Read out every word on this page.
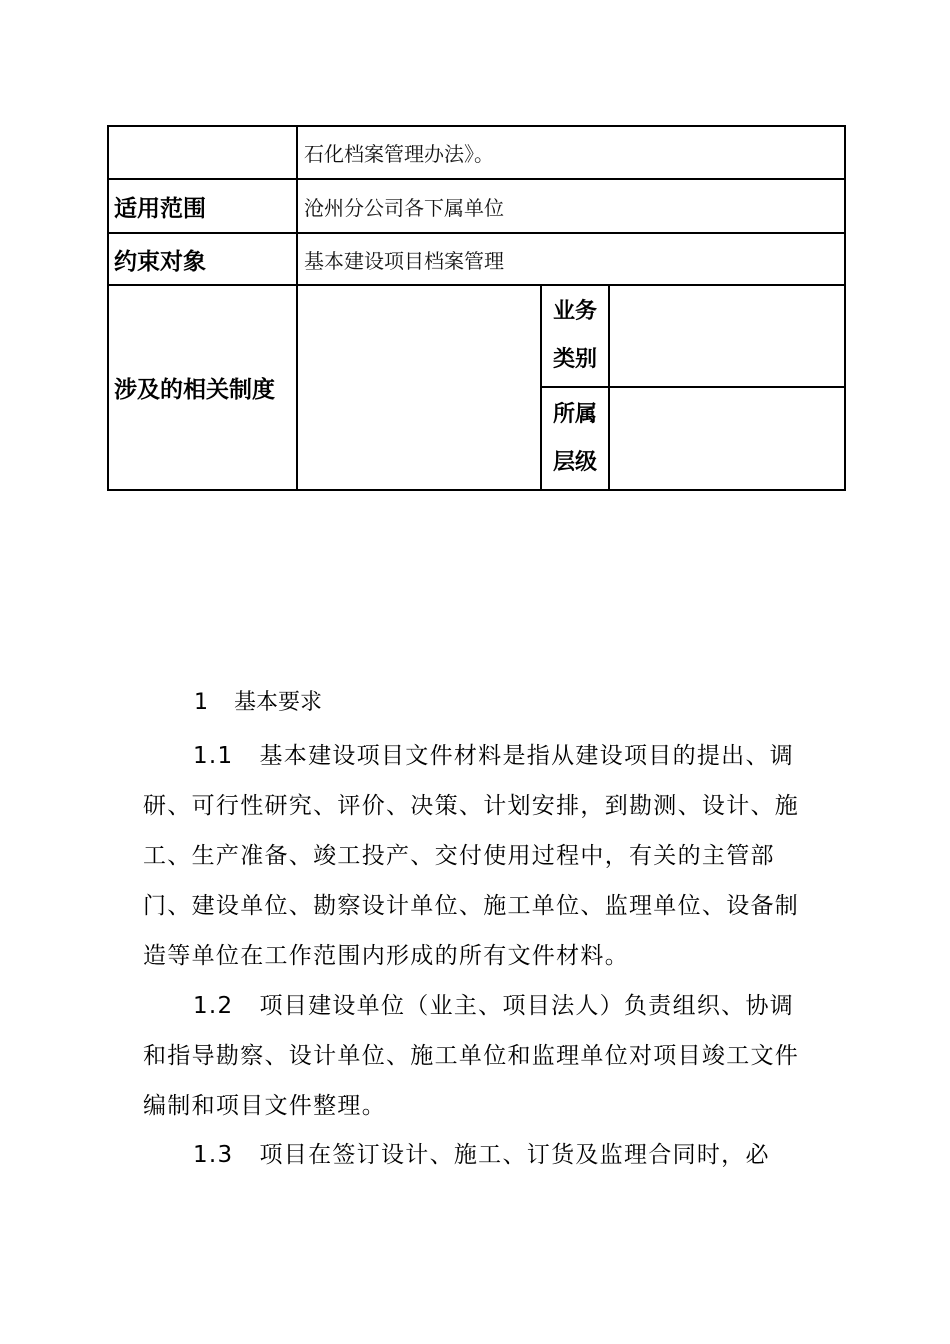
	石化档案管理办法》。		
适用范围	沧州分公司各下属单位		
约束对象	基本建设项目档案管理		
涉及的相关制度		业务
类别	

		所属
层级	

1 基本要求

1.1 基本建设项目文件材料是指从建设项目的提出、调研、可行性研究、评价、决策、计划安排，到勘测、设计、施工、生产准备、竣工投产、交付使用过程中，有关的主管部门、建设单位、勘察设计单位、施工单位、监理单位、设备制造等单位在工作范围内形成的所有文件材料。

1.2 项目建设单位（业主、项目法人）负责组织、协调和指导勘察、设计单位、施工单位和监理单位对项目竣工文件编制和项目文件整理。

1.3 项目在签订设计、施工、订货及监理合同时，必
